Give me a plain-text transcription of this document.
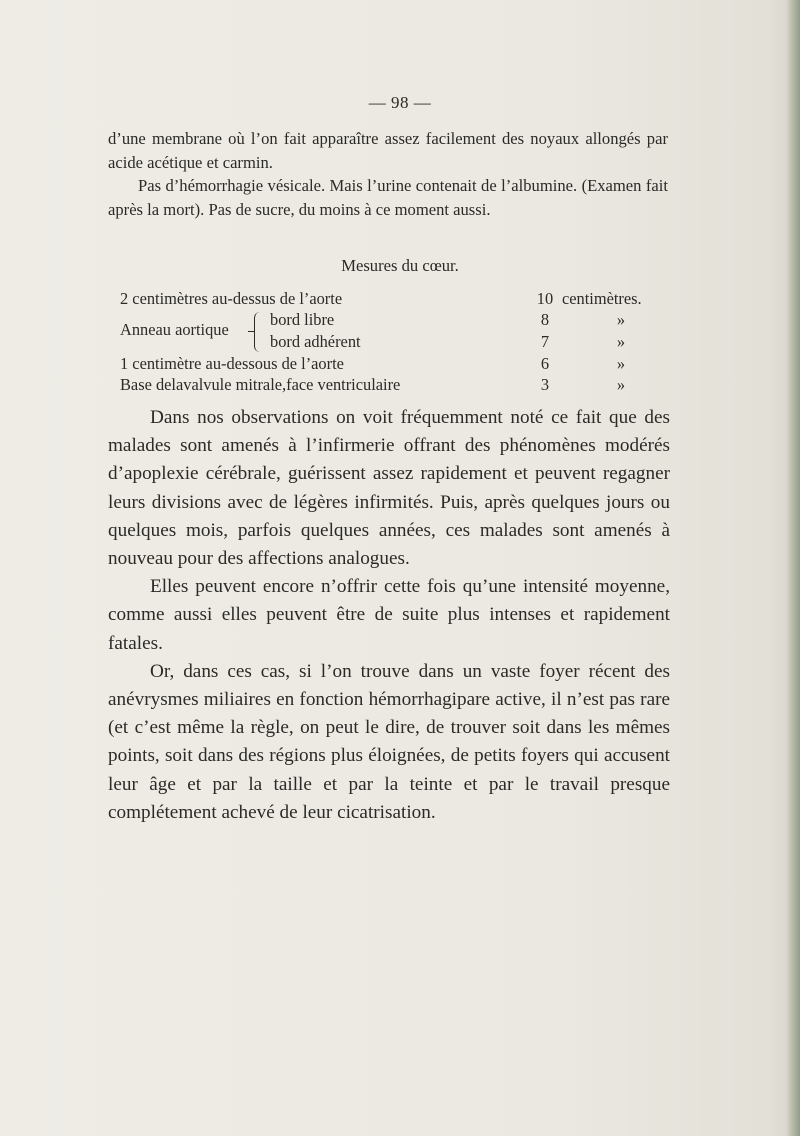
— 98 —

d’une membrane où l’on fait apparaître assez facilement des noyaux allongés par acide acétique et carmin.

Pas d’hémorrhagie vésicale. Mais l’urine contenait de l’albumine. (Examen fait après la mort). Pas de sucre, du moins à ce moment aussi.

Mesures du cœur.
2 centimètres au-dessus de l’aorte	10 centimètres.
Anneau aortique
bord libre	8	»
bord adhérent	7	»
1 centimètre au-dessous de l’aorte	6	»
Base delavalvule mitrale,face ventriculaire	3	»

Dans nos observations on voit fréquemment noté ce fait que des malades sont amenés à l’infirmerie offrant des phénomènes modérés d’apoplexie cérébrale, guérissent assez rapidement et peuvent regagner leurs divisions avec de légères infirmités. Puis, après quelques jours ou quelques mois, parfois quelques années, ces malades sont amenés à nouveau pour des affections analogues.

Elles peuvent encore n’offrir cette fois qu’une intensité moyenne, comme aussi elles peuvent être de suite plus intenses et rapidement fatales.

Or, dans ces cas, si l’on trouve dans un vaste foyer récent des anévrysmes miliaires en fonction hémorrhagipare active, il n’est pas rare (et c’est même la règle, on peut le dire, de trouver soit dans les mêmes points, soit dans des régions plus éloignées, de petits foyers qui accusent leur âge et par la taille et par la teinte et par le travail presque complétement achevé de leur cicatrisation.
